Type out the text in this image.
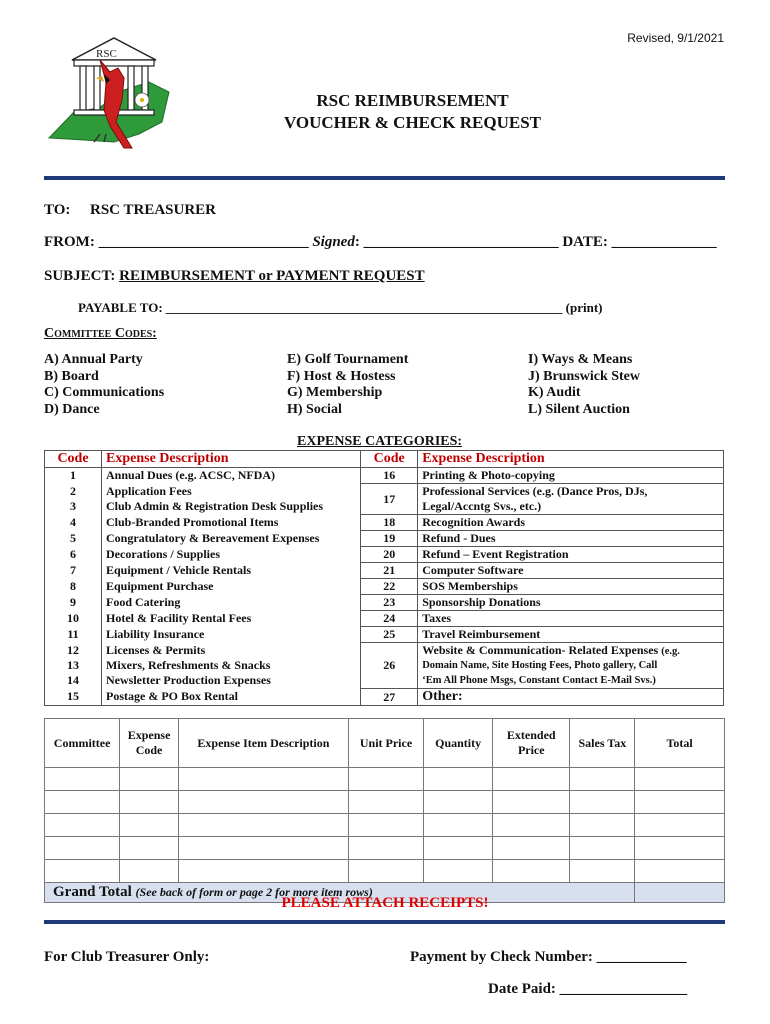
Revised, 9/1/2021
RSC
RSC REIMBURSEMENT
VOUCHER & CHECK REQUEST
TO: RSC TREASURER
FROM: ____________________________ Signed: __________________________ DATE: ______________
SUBJECT: REIMBURSEMENT or PAYMENT REQUEST
PAYABLE TO: _____________________________________________________________ (print)
Committee Codes:
A) Annual Party
B) Board
C) Communications
D) Dance
E) Golf Tournament
F) Host & Hostess
G) Membership
H) Social
I) Ways & Means
J) Brunswick Stew
K) Audit
L) Silent Auction
EXPENSE CATEGORIES:
Code	Expense Description	Code	Expense Description
1	Annual Dues (e.g. ACSC, NFDA)	16	Printing & Photo-copying
2	Application Fees	17	Professional Services (e.g. (Dance Pros, DJs,
3	Club Admin & Registration Desk Supplies		Legal/Accntg Svs., etc.)
4	Club-Branded Promotional Items	18	Recognition Awards
5	Congratulatory & Bereavement Expenses	19	Refund - Dues
6	Decorations / Supplies	20	Refund – Event Registration
7	Equipment / Vehicle Rentals	21	Computer Software
8	Equipment Purchase	22	SOS Memberships
9	Food Catering	23	Sponsorship Donations
10	Hotel & Facility Rental Fees	24	Taxes
11	Liability Insurance	25	Travel Reimbursement
12	Licenses & Permits	26	Website & Communication- Related Expenses (e.g.
13	Mixers, Refreshments & Snacks		Domain Name, Site Hosting Fees, Photo gallery, Call
14	Newsletter Production Expenses		‘Em All Phone Msgs, Constant Contact E-Mail Svs.)
15	Postage & PO Box Rental	27	Other:
Committee	Expense Code	Expense Item Description	Unit Price	Quantity	Extended Price	Sales Tax	Total

Grand Total (See back of form or page 2 for more item rows)							
PLEASE ATTACH RECEIPTS!
For Club Treasurer Only:	Payment by Check Number: ____________
Date Paid: _________________
